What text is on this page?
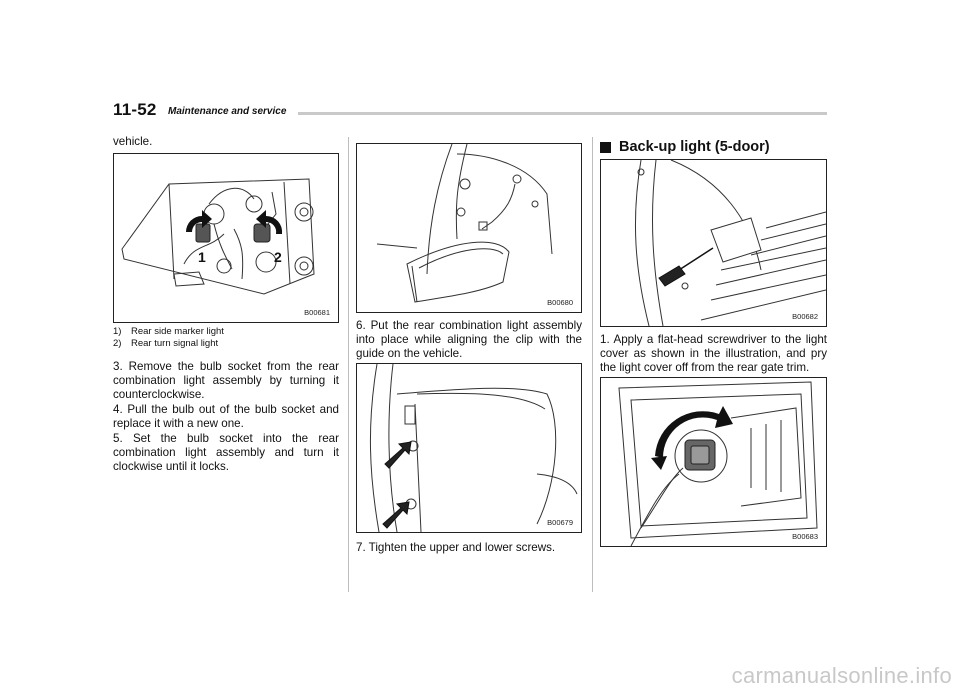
11-52 Maintenance and service
vehicle.
1	2
B00681
1)	Rear side marker light
2)	Rear turn signal light

3. Remove the bulb socket from the rear combination light assembly by turning it counterclockwise.

4. Pull the bulb out of the bulb socket and replace it with a new one.

5. Set the bulb socket into the rear combination light assembly and turn it clockwise until it locks.

B00680
6. Put the rear combination light assembly into place while aligning the clip with the guide on the vehicle.
B00679
7. Tighten the upper and lower screws.
Back-up light (5-door)
B00682
1. Apply a flat-head screwdriver to the light cover as shown in the illustration, and pry the light cover off from the rear gate trim.
B00683
carmanualsonline.info
